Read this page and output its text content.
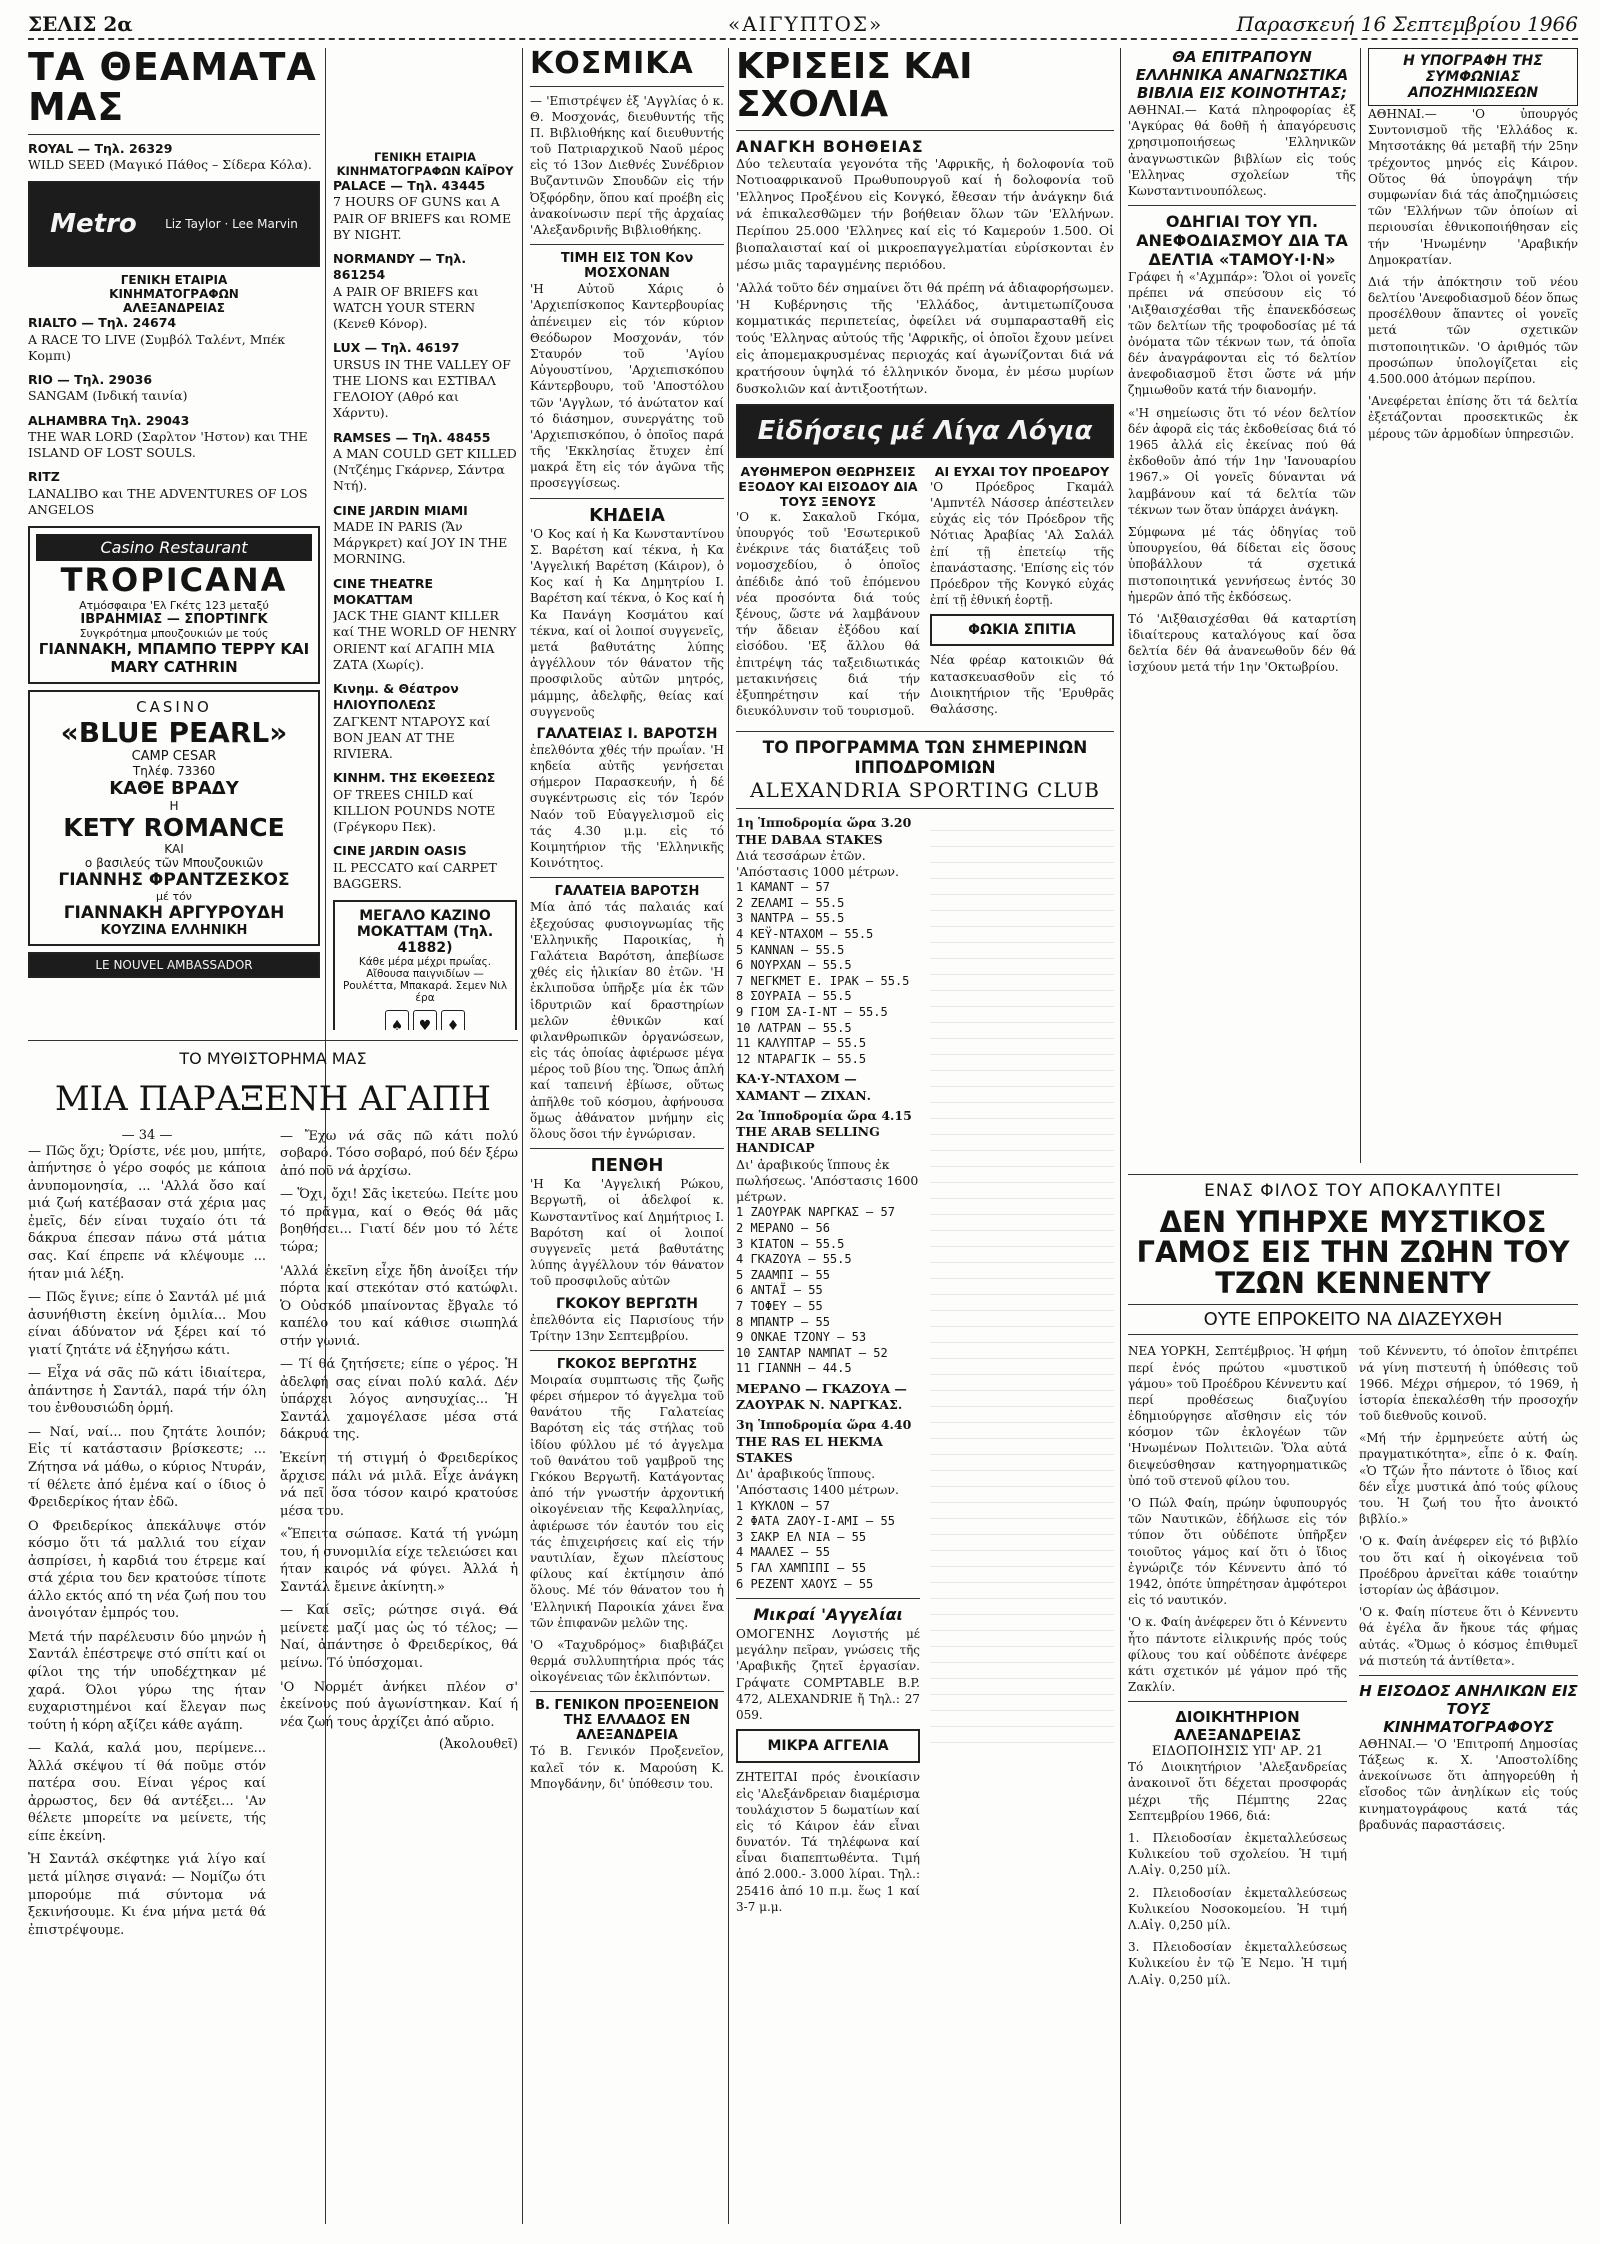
ΣΕΛΙΣ 2α	«ΑΙΓΥΠΤΟΣ»	Παρασκευή 16 Σεπτεμβρίου 1966
ΤΑ ΘΕΑΜΑΤΑ ΜΑΣ
ROYAL — Τηλ. 26329
WILD SEED (Μαγικό Πάθος – Σίδερα Κόλα).
Metro Liz Taylor · Lee Marvin
ΓΕΝΙΚΗ ΕΤΑΙΡΙΑ ΚΙΝΗΜΑΤΟΓΡΑΦΩΝ ΑΛΕΞΑΝΔΡΕΙΑΣ
RIALTO — Τηλ. 24674
A RACE TO LIVE (Συμβόλ Ταλέντ, Μπέκ Κομπι)
RIO — Τηλ. 29036
SANGAM (Ινδική ταινία)
ALHAMBRA Τηλ. 29043
THE WAR LORD (Σαρλτον 'Ηστον) και THE ISLAND OF LOST SOULS.
RITZ
LANALIBO και THE ADVENTURES OF LOS ANGELOS
Casino Restaurant
TROPICANA
Ατμόσφαιρα 'Ελ Γκέτς 123 μεταξύ
ΙΒΡΑΗΜΙΑΣ — ΣΠΟΡΤΙΝΓΚ
Συγκρότημα μπουζουκιών με τούς
ΓΙΑΝΝΑΚΗ, ΜΠΑΜΠΟ ΤΕΡΡΥ ΚΑΙ MARY CATHRIN
CASINO
«BLUE PEARL»
CAMP CESAR
Τηλέφ. 73360
ΚΑΘΕ ΒΡΑΔΥ
Η
KETY ROMANCE
ΚΑΙ
ο βασιλεύς τῶν Μπουζουκιῶν
ΓΙΑΝΝΗΣ ΦΡΑΝΤΖΕΣΚΟΣ
μέ τόν
ΓΙΑΝΝΑΚΗ ΑΡΓΥΡΟΥΔΗ
ΚΟΥΖΙΝΑ ΕΛΛΗΝΙΚΗ
LE NOUVEL AMBASSADOR
ΤΟ ΜΥΘΙΣΤΟΡΗΜΑ ΜΑΣ
ΜΙΑ ΠΑΡΑΞΕΝΗ ΑΓΑΠΗ
— 34 —

— Πῶς ὅχι; Ὀρίστε, νέε μου, μπήτε, ἀπήντησε ὁ γέρο σοφός με κάποια ἀνυπομονησία, ... 'Αλλά ὄσο καί μιά ζωή κατέβασαν στά χέρια μας ἐμεῖς, δέν είναι τυχαίο ότι τά δάκρυα έπεσαν πάνω στά μάτια σας. Καί έπρεπε νά κλέψουμε ... ήταν μιά λέξη.

— Πῶς ἔγινε; είπε ὁ Σαντάλ μέ μιά ἀσυνήθιστη ἐκείνη ὁμιλία... Μου είναι άδύνατον νά ξέρει καί τό γιατί ζητάτε νά ἐξηγήσω κάτι.

— Εἶχα νά σᾶς πῶ κάτι ἰδιαίτερα, ἀπάντησε ἡ Σαντάλ, παρά τήν όλη του ἐνθουσιώδη ὁρμή.

— Ναί, ναί... που ζητάτε λοιπόν; Εἰς τί κατάστασιν βρίσκεστε; ... Ζήτησα νά μάθω, ο κύριος Ντυράν, τί θέλετε ἀπό ἐμένα καί ο ίδιος ὁ Φρειδερίκος ήταν ἐδῶ.

Ο Φρειδερίκος ἀπεκάλυψε στόν κόσμο ὅτι τά μαλλιά του είχαν ἀσπρίσει, ἡ καρδιά του έτρεμε καί στά χέρια του δεν κρατούσε τίποτε άλλο εκτός από τη νέα ζωή που του ἀνοιγόταν ἐμπρός του.

Μετά τήν παρέλευσιν δύο μηνών ἡ Σαντάλ ἐπέστρεψε στό σπίτι καί οι φίλοι της τήν υποδέχτηκαν μέ χαρά. Όλοι γύρω της ήταν ευχαριστημένοι καί ἔλεγαν πως τούτη ἡ κόρη αξίζει κάθε αγάπη.

— Καλά, καλά μου, περίμενε... Ἀλλά σκέψου τί θά ποῦμε στόν πατέρα σου. Είναι γέρος καί ἀρρωστος, δεν θά αντέξει... 'Αν θέλετε μπορείτε να μείνετε, τής είπε ἐκείνη.

Ἡ Σαντάλ σκέφτηκε γιά λίγο καί μετά μίλησε σιγανά: — Νομίζω ότι μπορούμε πιά σύντομα νά ξεκινήσουμε. Κι ένα μήνα μετά θά ἐπιστρέψουμε.

— Ἔχω νά σᾶς πῶ κάτι πολύ σοβαρό. Τόσο σοβαρό, πού δέν ξέρω ἀπό ποῦ νά ἀρχίσω.

— Ὅχι, ὄχι! Σᾶς ἱκετεύω. Πείτε μου τό πρᾶγμα, καί ο Θεός θά μᾶς βοηθήσει... Γιατί δέν μου τό λέτε τώρα;

'Αλλά ἐκεῖνη εἶχε ἤδη ἀνοίξει τήν πόρτα καί στεκόταν στό κατώφλι. Ὁ Οὐσκόδ μπαίνοντας ἔβγαλε τό καπέλο του καί κάθισε σιωπηλά στήν γωνιά.

— Τί θά ζητήσετε; είπε ο γέρος. Ἡ ἀδελφή σας είναι πολύ καλά. Δέν ὑπάρχει λόγος ανησυχίας... Ἡ Σαντάλ χαμογέλασε μέσα στά δάκρυά της.

Ἐκείνη τή στιγμή ὁ Φρειδερίκος ἄρχισε πάλι νά μιλᾶ. Εἶχε ἀνάγκη νά πεῖ ὅσα τόσον καιρό κρατούσε μέσα του.

«Ἔπειτα σώπασε. Κατά τή γνώμη του, ή συνομιλία είχε τελειώσει και ήταν καιρός νά φύγει. Ἀλλά ἡ Σαντάλ ἔμεινε ἀκίνητη.»

— Καί σεῖς; ρώτησε σιγά. Θά μείνετε μαζί μας ὡς τό τέλος; — Ναί, ἀπάντησε ὁ Φρειδερίκος, θά μείνω. Τό ὑπόσχομαι.

'Ο Νορμέτ ἀνήκει πλέον σ' ἐκείνους πού ἀγωνίστηκαν. Καί ή νέα ζωή τους ἀρχίζει ἀπό αὔριο.

(Ἀκολουθεῖ)
ΓΕΝΙΚΗ ΕΤΑΙΡΙΑ ΚΙΝΗΜΑΤΟΓΡΑΦΩΝ ΚΑΪΡΟΥ
PALACE — Τηλ. 43445
7 HOURS OF GUNS και A PAIR OF BRIEFS και ROME BY NIGHT.
NORMANDY — Τηλ. 861254
A PAIR OF BRIEFS και WATCH YOUR STERN (Κενεθ Κόνορ).
LUX — Τηλ. 46197
URSUS IN THE VALLEY OF THE LIONS και ΕΣΤΙΒΑΛ ΓΕΛΟΙΟΥ (Αθρό και Χάρντυ).
RAMSES — Τηλ. 48455
A MAN COULD GET KILLED (Ντζέημς Γκάρνερ, Σάντρα Ντή).
CINE JARDIN MIAMI
MADE IN PARIS (Ἄν Μάργκρετ) καί JOY IN THE MORNING.
CINE THEATRE MOKATTAM
JACK THE GIANT KILLER καί THE WORLD OF HENRY ORIENT καί ΑΓΑΠΗ ΜΙΑ ΖΑΤΑ (Χωρίς).
Κινημ. & Θέατρον ΗΛΙΟΥΠΟΛΕΩΣ
ΖΑΓΚΕΝΤ ΝΤΑΡΟΥΣ καί BON JEAN AT THE RIVIERA.
ΚΙΝΗΜ. ΤΗΣ ΕΚΘΕΣΕΩΣ
OF TREES CHILD καί KILLION POUNDS NOTE (Γρέγκορυ Πεκ).
CINE JARDIN OASIS
IL PECCATO καί CARPET BAGGERS.
ΜΕΓΑΛΟ ΚΑΖΙΝΟ ΜΟΚΑΤΤΑΜ (Τηλ. 41882)
Κάθε μέρα μέχρι πρωΐας. Αἴθουσα παιγνιδίων — Ρουλέττα, Μπακαρά. Σεμεν Νιλ έρα
♠	♥	♦

ΚΟΣΜΙΚΑ

— 'Επιστρέψεν ἐξ 'Αγγλίας ὁ κ. Θ. Μοσχονάς, διευθυντής τῆς Π. Βιβλιοθήκης καί διευθυντής τοῦ Πατριαρχικοῦ Ναοῦ μέρος εἰς τό 13ον Διεθνές Συνέδριον Βυζαντινῶν Σπουδῶν εἰς τήν Ὀξφόρδην, ὅπου καί προέβη εἰς ἀνακοίνωσιν περί τῆς ἀρχαίας 'Αλεξανδρινῆς Βιβλιοθήκης.

ΤΙΜΗ ΕΙΣ ΤΟΝ Κον ΜΟΣΧΟΝΑΝ

'Η Αὐτοῦ Χάρις ὁ 'Αρχιεπίσκοπος Καντερβουρίας ἀπένειμεν εἰς τόν κύριον Θεόδωρον Μοσχονάν, τόν Σταυρόν τοῦ 'Αγίου Αὐγουστίνου, 'Αρχιεπισκόπου Κάντερβουρυ, τοῦ 'Αποστόλου τῶν 'Αγγλων, τό ἀνώτατον καί τό διάσημον, συνεργάτης τοῦ 'Αρχιεπισκόπου, ὁ ὁποῖος παρά τῆς 'Εκκλησίας ἔτυχεν ἐπί μακρά ἔτη εἰς τόν ἀγῶνα τῆς προσεγγίσεως.

ΚΗΔΕΙΑ

'Ο Κος καί ἡ Κα Κωνσταντίνου Σ. Βαρέτση καί τέκνα, ἡ Κα 'Αγγελική Βαρέτση (Κάιρον), ὁ Κος καί ἡ Κα Δημητρίου Ι. Βαρέτση καί τέκνα, ὁ Κος καί ἡ Κα Πανάγη Κοσμάτου καί τέκνα, καί οἱ λοιποί συγγενεῖς, μετά βαθυτάτης λύπης ἀγγέλλουν τόν θάνατον τῆς προσφιλοῦς αὐτῶν μητρός, μάμμης, ἀδελφῆς, θείας καί συγγενοῦς

ΓΑΛΑΤΕΙΑΣ Ι. ΒΑΡΟΤΣΗ

ἐπελθόντα χθές τήν πρωΐαν. 'Η κηδεία αὐτῆς γενήσεται σήμερον Παρασκευήν, ἡ δέ συγκέντρωσις εἰς τόν Ἱερόν Ναόν τοῦ Εὐαγγελισμοῦ εἰς τάς 4.30 μ.μ. εἰς τό Κοιμητήριον τῆς 'Ελληνικῆς Κοινότητος.

ΓΑΛΑΤΕΙΑ ΒΑΡΟΤΣΗ

Μία ἀπό τάς παλαιάς καί ἐξεχούσας φυσιογνωμίας τῆς 'Ελληνικῆς Παροικίας, ἡ Γαλάτεια Βαρότση, ἀπεβίωσε χθές εἰς ἡλικίαν 80 ἐτῶν. 'Η ἐκλιποῦσα ὑπῆρξε μία ἐκ τῶν ἱδρυτριῶν καί δραστηρίων μελῶν ἐθνικῶν καί φιλανθρωπικῶν ὀργανώσεων, εἰς τάς ὁποίας ἀφιέρωσε μέγα μέρος τοῦ βίου της. Ὅπως ἁπλή καί ταπεινή ἐβίωσε, οὕτως ἀπῆλθε τοῦ κόσμου, ἀφήνουσα ὅμως ἀθάνατον μνήμην εἰς ὅλους ὅσοι τήν ἐγνώρισαν.

ΠΕΝΘΗ

'Η Κα 'Αγγελική Ρώκου, Βεργωτῆ, οἱ ἀδελφοί κ. Κωνσταντῖνος καί Δημήτριος Ι. Βαρότση καί οἱ λοιποί συγγενεῖς μετά βαθυτάτης λύπης ἀγγέλλουν τόν θάνατον τοῦ προσφιλοῦς αὐτῶν

ΓΚΟΚΟΥ ΒΕΡΓΩΤΗ

ἐπελθόντα εἰς Παρισίους τήν Τρίτην 13ην Σεπτεμβρίου.

ΓΚΟΚΟΣ ΒΕΡΓΩΤΗΣ

Μοιραία συμπτωσις τῆς ζωῆς φέρει σήμερον τό ἀγγελμα τοῦ θανάτου τῆς Γαλατείας Βαρότση εἰς τάς στήλας τοῦ ἰδίου φύλλου μέ τό ἀγγελμα τοῦ θανάτου τοῦ γαμβροῦ της Γκόκου Βεργωτῆ. Κατάγοντας ἀπό τήν γνωστήν ἀρχοντική οἰκογένειαν τῆς Κεφαλληνίας, ἀφιέρωσε τόν ἑαυτόν του εἰς τάς ἐπιχειρήσεις καί εἰς τήν ναυτιλίαν, ἔχων πλείστους φίλους καί ἐκτίμησιν ἀπό ὅλους. Μέ τόν θάνατον του ἡ 'Ελληνική Παροικία χάνει ἕνα τῶν ἐπιφανῶν μελῶν της.

'Ο «Ταχυδρόμος» διαβιβάζει θερμά συλλυπητήρια πρός τάς οἰκογένειας τῶν ἐκλιπόντων.

Β. ΓΕΝΙΚΟΝ ΠΡΟΞΕΝΕΙΟΝ ΤΗΣ ΕΛΛΑΔΟΣ ΕΝ ΑΛΕΞΑΝΔΡΕΙΑ

Τό Β. Γενικόν Προξενεῖον, καλεῖ τόν κ. Μαρούση Κ. Μπογδάνην, δι' ὑπόθεσιν του.

ΚΡΙΣΕΙΣ ΚΑΙ ΣΧΟΛΙΑ
ΑΝΑΓΚΗ ΒΟΗΘΕΙΑΣ

Δύο τελευταία γεγονότα τῆς 'Αφρικῆς, ἡ δολοφονία τοῦ Νοτιοαφρικανοῦ Πρωθυπουργοῦ καί ἡ δολοφονία τοῦ 'Ελληνος Προξένου εἰς Κονγκό, ἔθεσαν τήν ἀνάγκην διά νά ἐπικαλεσθῶμεν τήν βοήθειαν ὅλων τῶν 'Ελλήνων. Περίπου 25.000 'Ελληνες καί εἰς τό Καμερούν 1.500. Οἱ βιοπαλαισταί καί οἱ μικροεπαγγελματίαι εὑρίσκονται ἐν μέσω μιᾶς ταραγμένης περιόδου.

'Αλλά τοῦτο δέν σημαίνει ὅτι θά πρέπη νά ἀδιαφορήσωμεν. 'Η Κυβέρνησις τῆς 'Ελλάδος, ἀντιμετωπίζουσα κομματικάς περιπετείας, ὀφείλει νά συμπαρασταθῆ εἰς τούς 'Ελληνας αὐτούς τῆς 'Αφρικῆς, οἱ ὁποῖοι ἔχουν μείνει εἰς ἀπομεμακρυσμένας περιοχάς καί ἀγωνίζονται διά νά κρατήσουν ὑψηλά τό ἑλληνικόν ὄνομα, ἐν μέσω μυρίων δυσκολιῶν καί ἀντιξοοτήτων.

Εἰδήσεις μέ Λίγα Λόγια
ΑΥΘΗΜΕΡΟΝ ΘΕΩΡΗΣΕΙΣ ΕΞΟΔΟΥ ΚΑΙ ΕΙΣΟΔΟΥ ΔΙΑ ΤΟΥΣ ΞΕΝΟΥΣ

'Ο κ. Σακαλοῦ Γκόμα, ὑπουργός τοῦ 'Εσωτερικοῦ ἐνέκρινε τάς διατάξεις τοῦ νομοσχεδίου, ὁ ὁποῖος ἀπέδιδε ἀπό τοῦ ἐπόμενου νέα προσόντα διά τούς ξένους, ὥστε νά λαμβάνουν τήν ἄδειαν ἐξόδου καί εἰσόδου. 'Εξ ἄλλου θά ἐπιτρέψη τάς ταξειδιωτικάς μετακινήσεις διά τήν ἐξυπηρέτησιν καί τήν διευκόλυνσιν τοῦ τουρισμοῦ.

ΑΙ ΕΥΧΑΙ ΤΟΥ ΠΡΟΕΔΡΟΥ

'Ο Πρόεδρος Γκαμάλ 'Αμπντέλ Νάσσερ ἀπέστειλεν εὐχάς εἰς τόν Πρόεδρον τῆς Νότιας Ἀραβίας 'Αλ Σαλάλ ἐπί τῇ ἐπετείῳ τῆς ἐπανάστασης. 'Επίσης εἰς τόν Πρόεδρον τῆς Κονγκό εὐχάς ἐπί τῇ ἐθνική ἑορτῇ.

ΦΩΚΙΑ ΣΠΙΤΙΑ

Νέα φρέαρ κατοικιῶν θά κατασκευασθοῦν εἰς τό Διοικητήριον τῆς 'Ερυθρᾶς Θαλάσσης.

ΤΟ ΠΡΟΓΡΑΜΜΑ ΤΩΝ ΣΗΜΕΡΙΝΩΝ ΙΠΠΟΔΡΟΜΙΩΝ
ALEXANDRIA SPORTING CLUB
1η Ἱπποδρομία ὥρα 3.20 THE DABAA STAKES
Διά τεσσάρων ἐτῶν. 'Απόστασις 1000 μέτρων.
1 ΚΑΜΑΝΤ — 57
2 ΖΕΛΑΜΙ — 55.5
3 ΝΑΝΤΡΑ — 55.5
4 ΚΕΫ-ΝΤΑΧΟΜ — 55.5
5 ΚΑΝΝΑΝ — 55.5
6 ΝΟΥΡΧΑΝ — 55.5
7 ΝΕΓΚΜΕΤ Ε. ΙΡΑΚ — 55.5
8 ΣΟΥΡΑΙΑ — 55.5
9 ΓΙΟΜ ΣΑ-Ι-ΝΤ — 55.5
10 ΛΑΤΡΑΝ — 55.5
11 ΚΑΛΥΠΤΑΡ — 55.5
12 ΝΤΑΡΑΓΙΚ — 55.5
ΚΑ·Υ-ΝΤΑΧΟΜ — ΧΑΜΑΝΤ — ΖΙΧΑΝ.
2α Ἱπποδρομία ὥρα 4.15 THE ARAB SELLING HANDICAP
Δι' ἀραβικούς ἵππους ἐκ πωλήσεως. 'Απόστασις 1600 μέτρων.
1 ΖΑΟΥΡΑΚ ΝΑΡΓΚΑΣ — 57
2 ΜΕΡΑΝΟ — 56
3 ΚΙΑΤΟΝ — 55.5
4 ΓΚΑΖΟΥΑ — 55.5
5 ΖΑΑΜΠΙ — 55
6 ΑΝΤΑΪ — 55
7 ΤΟΦΕΥ — 55
8 ΜΠΑΝΤΡ — 55
9 ΟΝΚΑΕ ΤΖΟΝΥ — 53
10 ΣΑΝΤΑΡ ΝΑΜΠΑΤ — 52
11 ΓΙΑΝΝΗ — 44.5
ΜΕΡΑΝΟ — ΓΚΑΖΟΥΑ — ΖΑΟΥΡΑΚ Ν. ΝΑΡΓΚΑΣ.
3η Ἱπποδρομία ὥρα 4.40 THE RAS EL HEKMA STAKES
Δι' ἀραβικούς ἵππους. 'Απόστασις 1400 μέτρων.
1 ΚΥΚΛΟΝ — 57
2 ΦΑΤΑ ΖΑΟΥ-Ι-ΑΜΙ — 55
3 ΣΑΚΡ ΕΛ ΝΙΑ — 55
4 ΜΑΑΛΕΣ — 55
5 ΓΑΛ ΧΑΜΠΙΠΙ — 55
6 ΡΕΖΕΝΤ ΧΑΟΥΣ — 55
Μικραί 'Αγγελίαι

ΟΜΟΓΕΝΗΣ Λογιστής μέ μεγάλην πεῖραν, γνώσεις τῆς 'Αραβικῆς ζητεῖ ἐργασίαν. Γράψατε COMPTABLE B.P. 472, ALEXANDRIE ἤ Τηλ.: 27 059.

ΜΙΚΡΑ ΑΓΓΕΛΙΑ

ΖΗΤΕΙΤΑΙ πρός ἐνοικίασιν εἰς 'Αλεξάνδρειαν διαμέρισμα τουλάχιστον 5 δωματίων καί εἰς τό Κάιρον ἐάν εἶναι δυνατόν. Τά τηλέφωνα καί εἶναι διαπεπτωθέντα. Τιμή ἀπό 2.000.- 3.000 λίραι. Τηλ.: 25416 ἀπό 10 π.μ. ἕως 1 καί 3-7 μ.μ.

ΘΑ ΕΠΙΤΡΑΠΟΥΝ ΕΛΛΗΝΙΚΑ ΑΝΑΓΝΩΣΤΙΚΑ ΒΙΒΛΙΑ ΕΙΣ ΚΟΙΝΟΤΗΤΑΣ;

ΑΘΗΝΑΙ.— Κατά πληροφορίας ἐξ 'Αγκύρας θά δοθῆ ἡ ἀπαγόρευσις χρησιμοποιήσεως 'Ελληνικῶν ἀναγνωστικῶν βιβλίων εἰς τούς 'Ελληνας σχολείων τῆς Κωνσταντινουπόλεως.

ΟΔΗΓΙΑΙ ΤΟΥ ΥΠ. ΑΝΕΦΟΔΙΑΣΜΟΥ ΔΙΑ ΤΑ ΔΕΛΤΙΑ «ΤΑΜΟΥ·Ι·Ν»

Γράφει ἡ «'Αχμπάρ»: Ὅλοι οἱ γονεῖς πρέπει νά σπεύσουν εἰς τό 'Αιξθαισχέσθαι τῆς ἐπανεκδόσεως τῶν δελτίων τῆς τροφοδοσίας μέ τά ὀνόματα τῶν τέκνων των, τά ὁποῖα δέν ἀναγράφονται εἰς τό δελτίον ἀνεφοδιασμοῦ ἔτσι ὥστε νά μήν ζημιωθοῦν κατά τήν διανομήν.

«'Η σημείωσις ὅτι τό νέον δελτίον δέν ἀφορᾶ εἰς τάς ἐκδοθείσας διά τό 1965 ἀλλά εἰς ἐκείνας πού θά ἐκδοθοῦν ἀπό τήν 1ην 'Ιανουαρίου 1967.» Οἱ γονεῖς δύνανται νά λαμβάνουν καί τά δελτία τῶν τέκνων των ὅταν ὑπάρχει ἀνάγκη.

Σύμφωνα μέ τάς ὁδηγίας τοῦ ὑπουργείου, θά δίδεται εἰς ὅσους ὑποβάλλουν τά σχετικά πιστοποιητικά γεννήσεως ἐντός 30 ἡμερῶν ἀπό τῆς ἐκδόσεως.

Τό 'Αιξθαισχέσθαι θά καταρτίση ἰδιαίτερους καταλόγους καί ὅσα δελτία δέν θά ἀνανεωθοῦν δέν θά ἰσχύουν μετά τήν 1ην 'Οκτωβρίου.

Η ΥΠΟΓΡΑΦΗ ΤΗΣ ΣΥΜΦΩΝΙΑΣ ΑΠΟΖΗΜΙΩΣΕΩΝ

ΑΘΗΝΑΙ.— 'Ο ὑπουργός Συντονισμοῦ τῆς 'Ελλάδος κ. Μητσοτάκης θά μεταβῆ τήν 25ην τρέχοντος μηνός εἰς Κάιρον. Οὕτος θά ὑπογράψη τήν συμφωνίαν διά τάς ἀποζημιώσεις τῶν 'Ελλήνων τῶν ὁποίων αἱ περιουσίαι ἐθνικοποιήθησαν εἰς τήν 'Ηνωμένην 'Αραβικήν Δημοκρατίαν.

Διά τήν ἀπόκτησιν τοῦ νέου δελτίου 'Ανεφοδιασμοῦ δέον ὅπως προσέλθουν ἅπαντες οἱ γονεῖς μετά τῶν σχετικῶν πιστοποιητικῶν. 'Ο ἀριθμός τῶν προσώπων ὑπολογίζεται εἰς 4.500.000 ἀτόμων περίπου.

'Ανεφέρεται ἐπίσης ὅτι τά δελτία ἐξετάζονται προσεκτικῶς ἐκ μέρους τῶν ἁρμοδίων ὑπηρεσιῶν.

ΕΝΑΣ ΦΙΛΟΣ ΤΟΥ ΑΠΟΚΑΛΥΠΤΕΙ
ΔΕΝ ΥΠΗΡΧΕ ΜΥΣΤΙΚΟΣ ΓΑΜΟΣ ΕΙΣ ΤΗΝ ΖΩΗΝ ΤΟΥ ΤΖΩΝ ΚΕΝΝΕΝΤΥ
ΟΥΤΕ ΕΠΡΟΚΕΙΤΟ ΝΑ ΔΙΑΖΕΥΧΘΗ

ΝΕΑ ΥΟΡΚΗ, Σεπτέμβριος. Ἡ φήμη περί ἑνός πρώτου «μυστικοῦ γάμου» τοῦ Προέδρου Κέννεντυ καί περί προθέσεως διαζυγίου ἐδημιούργησε αἴσθησιν εἰς τόν κόσμον τῶν ἐκλογέων τῶν 'Ηνωμένων Πολιτειῶν. Ὅλα αὐτά διεψεύσθησαν κατηγορηματικῶς ὑπό τοῦ στενοῦ φίλου του.

'Ο Πώλ Φαίη, πρώην ὑφυπουργός τῶν Ναυτικῶν, ἐδήλωσε εἰς τόν τύπον ὅτι οὐδέποτε ὑπῆρξεν τοιοῦτος γάμος καί ὅτι ὁ ἴδιος ἐγνώριζε τόν Κέννεντυ ἀπό τό 1942, ὁπότε ὑπηρέτησαν ἀμφότεροι εἰς τό ναυτικόν.

'Ο κ. Φαίη ἀνέφερεν ὅτι ὁ Κέννεντυ ἦτο πάντοτε εἰλικρινής πρός τούς φίλους του καί οὐδέποτε ἀνέφερε κάτι σχετικόν μέ γάμον πρό τῆς Ζακλίν.

ΔΙΟΙΚΗΤΗΡΙΟΝ ΑΛΕΞΑΝΔΡΕΙΑΣ
ΕΙΔΟΠΟΙΗΣΙΣ ΥΠ' ΑΡ. 21

Τό Διοικητήριον 'Αλεξανδρείας ἀνακοινοῖ ὅτι δέχεται προσφοράς μέχρι τῆς Πέμπτης 22ας Σεπτεμβρίου 1966, διά:

1. Πλειοδοσίαν ἐκμεταλλεύσεως Κυλικείου τοῦ σχολείου. Ἡ τιμή Λ.Αἰγ. 0,250 μίλ.

2. Πλειοδοσίαν ἐκμεταλλεύσεως Κυλικείου Νοσοκομείου. Ἡ τιμή Λ.Αἰγ. 0,250 μίλ.

3. Πλειοδοσίαν ἐκμεταλλεύσεως Κυλικείου ἐν τῷ Ἑ Νεμο. Ἡ τιμή Λ.Αἰγ. 0,250 μίλ.

τοῦ Κέννεντυ, τό ὁποῖον ἐπιτρέπει νά γίνη πιστευτή ἡ ὑπόθεσις τοῦ 1966. Μέχρι σήμερον, τό 1969, ἡ ἱστορία ἐπεκαλέσθη τήν προσοχήν τοῦ διεθνοῦς κοινοῦ.

«Μή τήν ἐρμηνεύετε αὐτή ὡς πραγματικότητα», εἶπε ὁ κ. Φαίη. «Ὁ Τζών ἦτο πάντοτε ὁ ἴδιος καί δέν εἶχε μυστικά ἀπό τούς φίλους του. Ἡ ζωή του ἦτο ἀνοικτό βιβλίο.»

'Ο κ. Φαίη ἀνέφερεν εἰς τό βιβλίο του ὅτι καί ἡ οἰκογένεια τοῦ Προέδρου ἀρνεῖται κάθε τοιαύτην ἱστορίαν ὡς ἀβάσιμον.

'Ο κ. Φαίη πίστευε ὅτι ὁ Κέννεντυ θά ἐγέλα ἄν ἤκουε τάς φήμας αὐτάς. «Ὅμως ὁ κόσμος ἐπιθυμεῖ νά πιστεύη τά ἀντίθετα».

Η ΕΙΣΟΔΟΣ ΑΝΗΛΙΚΩΝ ΕΙΣ ΤΟΥΣ ΚΙΝΗΜΑΤΟΓΡΑΦΟΥΣ

ΑΘΗΝΑΙ.— 'Ο 'Επιτροπή Δημοσίας Τάξεως κ. Χ. 'Αποστολίδης ἀνεκοίνωσε ὅτι ἀπηγορεύθη ἡ εἴσοδος τῶν ἀνηλίκων εἰς τούς κινηματογράφους κατά τάς βραδυνάς παραστάσεις.
